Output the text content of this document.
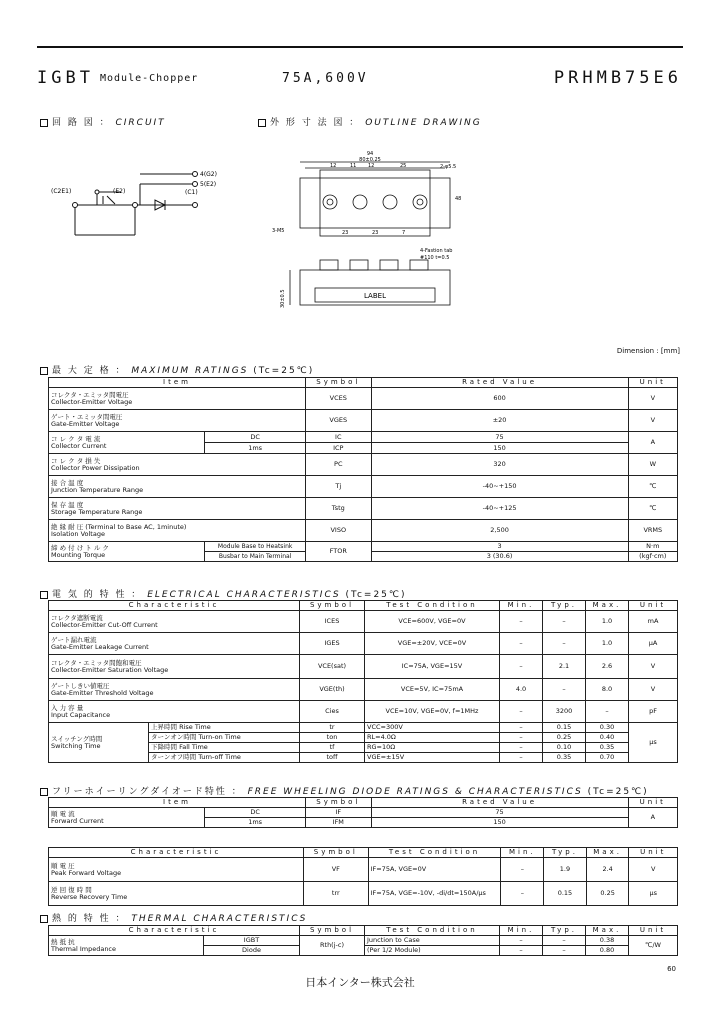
IGBT Module-Chopper	75A,600V	PRHMB75E6
回 路 図 ： CIRCUIT	外 形 寸 法 図 ： OUTLINE DRAWING
(C2E1)	(E2)	(C1)
4(G2)
5(E2)
94
80±0.25
12	11 12	25
23	23	7
48
2-φ5.5
3-M5
4-Fastion tab
#110 t=0.5
30±0.5	LABEL
Dimension : [mm]
最 大 定 格 ： MAXIMUM RATINGS (Tc=25℃)
Item		Symbol	Rated Value	Unit

コレクタ・エミッタ間電圧
Collector-Emitter Voltage		VCES	600	V

ゲート・エミッタ間電圧
Gate-Emitter Voltage		VGES	±20	V

コ レ ク タ 電 流
Collector Current	DC	IC	75	A
	1ms	ICP	150	

コ レ ク タ 損 失
Collector Power Dissipation		PC	320	W

接 合 温 度
Junction Temperature Range		Tj	-40~+150	℃

保 存 温 度
Storage Temperature Range		Tstg	-40~+125	℃

絶 縁 耐 圧 (Terminal to Base AC, 1minute)
Isolation Voltage		VISO	2,500	VRMS

締 め 付 け ト ル ク
Mounting Torque	Module Base to Heatsink	FTOR	3	N·m
	Busbar to Main Terminal		3 (30.6)	(kgf·cm)
電 気 的 特 性 ： ELECTRICAL CHARACTERISTICS (Tc=25℃)
Characteristic		Symbol	Test Condition	Min.	Typ.	Max.	Unit

コレクタ遮断電流
Collector-Emitter Cut-Off Current		ICES	VCE=600V, VGE=0V	–	–	1.0	mA

ゲート漏れ電流
Gate-Emitter Leakage Current		IGES	VGE=±20V, VCE=0V	–	–	1.0	μA

コレクタ・エミッタ間飽和電圧
Collector-Emitter Saturation Voltage		VCE(sat)	IC=75A, VGE=15V	–	2.1	2.6	V

ゲートしきい値電圧
Gate-Emitter Threshold Voltage		VGE(th)	VCE=5V, IC=75mA	4.0	–	8.0	V

入 力 容 量
Input Capacitance		Cies	VCE=10V, VGE=0V, f=1MHz	–	3200	–	pF

スイッチング時間
Switching Time	上昇時間 Rise Time	tr	VCC=300V	–	0.15	0.30	μs
	ターンオン時間 Turn-on Time	ton	RL=4.0Ω	–	0.25	0.40	
	下降時間 Fall Time	tf	RG=10Ω	–	0.10	0.35	
	ターンオフ時間 Turn-off Time	toff	VGE=±15V	–	0.35	0.70	
フリーホイーリングダイオード特性 ： FREE WHEELING DIODE RATINGS & CHARACTERISTICS (Tc=25℃)
Item		Symbol	Rated Value	Unit

順 電 流
Forward Current	DC	IF	75	A
	1ms	IFM	150	
Characteristic	Symbol	Test Condition	Min.	Typ.	Max.	Unit

順 電 圧
Peak Forward Voltage	VF	IF=75A, VGE=0V	–	1.9	2.4	V

逆 回 復 時 間
Reverse Recovery Time	trr	IF=75A, VGE=-10V, -di/dt=150A/μs	–	0.15	0.25	μs
熱 的 特 性 ： THERMAL CHARACTERISTICS
Characteristic		Symbol	Test Condition	Min.	Typ.	Max.	Unit

熱 抵 抗
Thermal Impedance	IGBT	Rth(j-c)	Junction to Case	–	–	0.38	℃/W
	Diode		(Per 1/2 Module)	–	–	0.80	
60
日本インター株式会社
